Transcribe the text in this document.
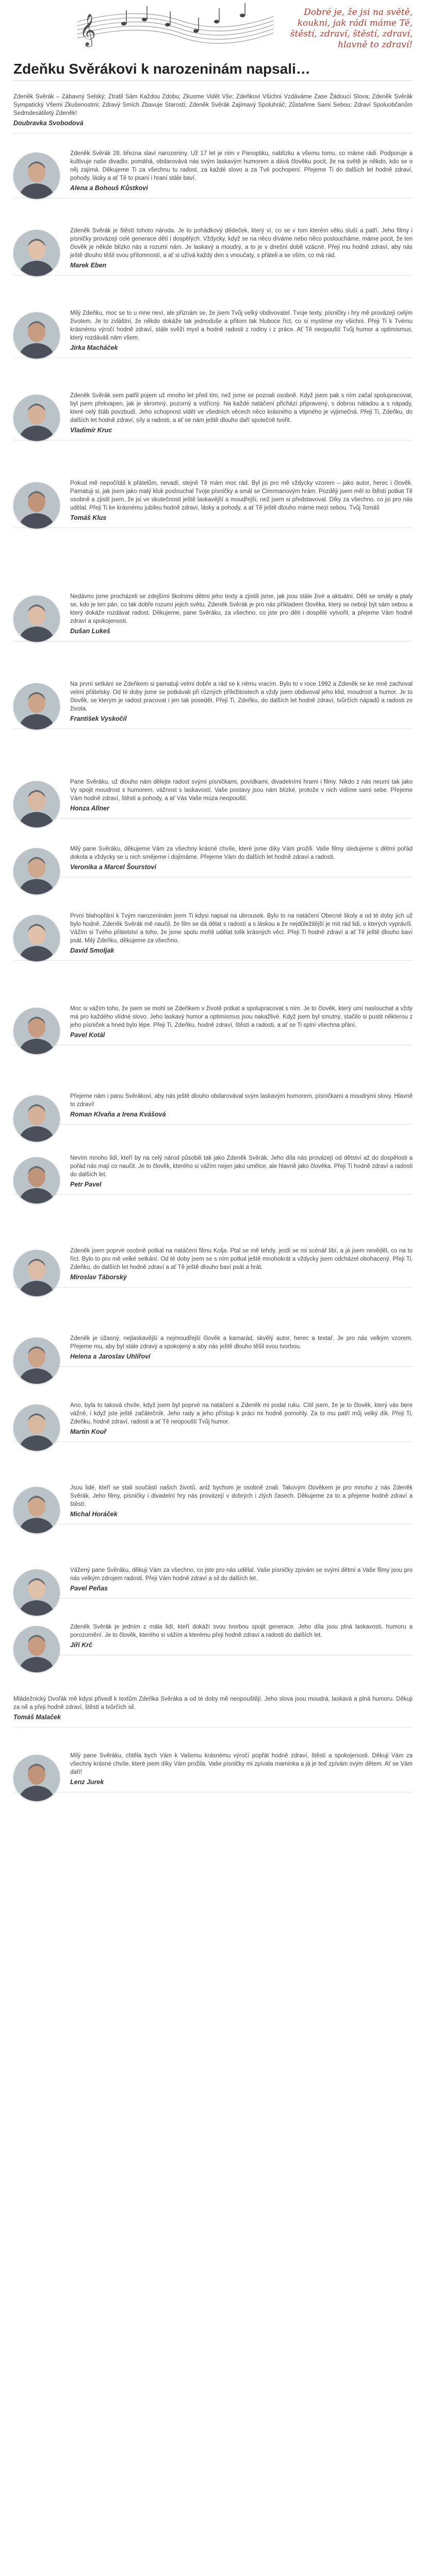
𝄞
Dobré je, že jsi na světě,
koukni, jak rádi máme Tě,
štěstí, zdraví, štěstí, zdraví,
hlavně to zdraví!
Zdeňku Svěrákovi k narozeninám napsali…
Zdeněk Svěrák – Zábavný Selský; Ztratil Sám Každou Zdobu; Zkusme Vidět Vše; Zdeňkovi Všichni Vzdáváme Zase Žádoucí Slova; Zdeněk Svěrák Sympatický Všemi Zkušenostmi; Zdravý Smích Zbavuje Starostí; Zdeněk Svěrák Zajímavý Spoluhráč; Zůstaňme Sami Sebou; Zdraví Spoluobčanům Sedmdesátiletý Zdeněk!
Doubravka Svobodová
Zdeněk Svěrák 28. března slaví narozeniny. Už 17 let je ním v Panoptiku, nablízku a všemu tomu, co máme rádi. Podporuje a kultivuje naše divadlo, pomáhá, obdarovává nás svým laskavým humorem a dává člověku pocit, že na světě je někdo, kdo se o něj zajímá. Děkujeme Ti za všechnu tu radost, za každé slovo a za Tvé pochopení. Přejeme Ti do dalších let hodně zdraví, pohody, lásky a ať Tě to psaní i hraní stále baví.
Alena a Bohouš Kůstkovi
Zdeněk Svěrák je štěstí tohoto národa. Je to pohádkový dědeček, který ví, co se v tom kterém věku sluší a patří. Jeho filmy i písničky provázejí celé generace dětí i dospělých. Vždycky, když se na něco díváme nebo něco posloucháme, máme pocit, že ten člověk je někde blízko nás a rozumí nám. Je laskavý a moudrý, a to je v dnešní době vzácné. Přeji mu hodně zdraví, aby nás ještě dlouho těšil svou přítomností, a ať si užívá každý den s vnoučaty, s přáteli a se vším, co má rád.
Marek Eben
Milý Zdeňku, moc se to u mne neví, ale přiznám se, že jsem Tvůj velký obdivovatel. Tvoje texty, písničky i hry mě provázejí celým životem. Je to zvláštní, že někdo dokáže tak jednoduše a přitom tak hluboce říct, co si myslíme my všichni. Přeji Ti k Tvému krásnému výročí hodně zdraví, stále svěží mysl a hodně radosti z rodiny i z práce. Ať Tě neopouští Tvůj humor a optimismus, který rozdáváš nám všem.
Jirka Macháček
Zdeněk Svěrák sem patřil pojem už mnoho let před tím, než jsme se poznali osobně. Když jsem pak s ním začal spolupracovat, byl jsem překvapen, jak je skromný, pozorný a vstřícný. Na každé natáčení přichází připravený, s dobrou náladou a s nápady, které celý štáb povzbudí. Jeho schopnost vidět ve všedních věcech něco krásného a vtipného je výjimečná. Přeji Ti, Zdeňku, do dalších let hodně zdraví, síly a radosti, a ať se nám ještě dlouho daří společně tvořit.
Vladimír Kruc
Pokud mě nepočítáš k přátelům, nevadí, stejně Tě mám moc rád. Byl jsi pro mě vždycky vzorem – jako autor, herec i člověk. Pamatuji si, jak jsem jako malý kluk poslouchal Tvoje písničky a smál se Cimrmanovým hrám. Později jsem měl to štěstí potkat Tě osobně a zjistil jsem, že jsi ve skutečnosti ještě laskavější a moudřejší, než jsem si představoval. Díky za všechno, co jsi pro nás udělal. Přeji Ti ke krásnému jubileu hodně zdraví, lásky a pohody, a ať Tě ještě dlouho máme mezi sebou. Tvůj Tomáš
Tomáš Klus
Nedávno jsme procházeli se zdejšími školními dětmi jeho texty a zjistili jsme, jak jsou stále živé a aktuální. Děti se smály a ptaly se, kdo je ten pán, co tak dobře rozumí jejich světu. Zdeněk Svěrák je pro nás příkladem člověka, který se nebojí být sám sebou a který dokáže rozdávat radost. Děkujeme, pane Svěráku, za všechno, co jste pro děti i dospělé vytvořil, a přejeme Vám hodně zdraví a spokojenosti.
Dušan Lukeš
Na první setkání se Zdeňkem si pamatuji velmi dobře a rád se k němu vracím. Bylo to v roce 1992 a Zdeněk se ke mně zachoval velmi přátelsky. Od té doby jsme se potkávali při různých příležitostech a vždy jsem obdivoval jeho klid, moudrost a humor. Je to člověk, se kterým je radost pracovat i jen tak posedět. Přeji Ti, Zdeňku, do dalších let hodně zdraví, tvůrčích nápadů a radosti ze života.
František Vyskočil
Pane Svěráku, už dlouho nám dělejte radost svými písničkami, povídkami, divadelními hrami i filmy. Nikdo z nás neumí tak jako Vy spojit moudrost s humorem, vážnost s laskavostí. Vaše postavy jsou nám blízké, protože v nich vidíme sami sebe. Přejeme Vám hodně zdraví, štěstí a pohody, a ať Vás Vaše múza neopouští.
Honza Allner
Milý pane Svěráku, děkujeme Vám za všechny krásné chvíle, které jsme díky Vám prožili. Vaše filmy sledujeme s dětmi pořád dokola a vždycky se u nich smějeme i dojímáme. Přejeme Vám do dalších let hodně zdraví a radosti.
Veronika a Marcel Šourstovi
První blahopřání k Tvým narozeninám jsem Ti kdysi napsal na ubrousek. Bylo to na natáčení Obecné školy a od té doby jich už bylo hodně. Zdeněk Svěrák mě naučil, že film se dá dělat s radostí a s láskou a že nejdůležitější je mít rád lidi, o kterých vyprávíš. Vážím si Tvého přátelství a toho, že jsme spolu mohli udělat tolik krásných věcí. Přeji Ti hodně zdraví a ať Tě ještě dlouho baví psát. Milý Zdeňku, děkujeme za všechno.
David Smoljak
Moc si vážím toho, že jsem se mohl se Zdeňkem v životě potkat a spolupracovat s ním. Je to člověk, který umí naslouchat a vždy má pro každého vlídné slovo. Jeho laskavý humor a optimismus jsou nakažlivé. Když jsem byl smutný, stačilo si pustit některou z jeho písniček a hned bylo lépe. Přeji Ti, Zdeňku, hodně zdraví, štěstí a radosti, a ať se Ti splní všechna přání.
Pavel Kotál
Přejeme nám i panu Svěrákovi, aby nás ještě dlouho obdarovával svým laskavým humorem, písničkami a moudrými slovy. Hlavně to zdraví!
Roman Klvaňa a Irena Kvášová
Nevím mnoho lidí, kteří by na celý národ působili tak jako Zdeněk Svěrák. Jeho díla nás provázejí od dětství až do dospělosti a pořád nás mají co naučit. Je to člověk, kterého si vážím nejen jako umělce, ale hlavně jako člověka. Přeji Ti hodně zdraví a radosti do dalších let.
Petr Pavel
Zdeněk jsem poprvé osobně potkal na natáčení filmu Kolja. Ptal se mě tehdy, jestli se mi scénář líbí, a já jsem nevěděl, co na to říct. Bylo to pro mě velké setkání. Od té doby jsem se s ním potkal ještě mnohokrát a vždycky jsem odcházel obohacený. Přeji Ti, Zdeňku, do dalších let hodně zdraví a ať Tě ještě dlouho baví psát a hrát.
Miroslav Táborský
Zdeněk je úžasný, nejlaskavější a nejmoudřejší člověk a kamarád, skvělý autor, herec a textař. Je pro nás velkým vzorem. Přejeme mu, aby byl stále zdravý a spokojený a aby nás ještě dlouho těšil svou tvorbou.
Helena a Jaroslav Uhlířovi
Ano, byla to taková chvíle, když jsem byl poprvé na natáčení a Zdeněk mi podal ruku. Cítil jsem, že je to člověk, který vás bere vážně, i když jste ještě začátečník. Jeho rady a jeho přístup k práci mi hodně pomohly. Za to mu patří můj velký dík. Přeji Ti, Zdeňku, hodně zdraví, radosti a ať Tě neopouští Tvůj humor.
Martin Kouř
Jsou lidé, kteří se stali součástí našich životů, aniž bychom je osobně znali. Takovým člověkem je pro mnoho z nás Zdeněk Svěrák. Jeho filmy, písničky i divadelní hry nás provázejí v dobrých i zlých časech. Děkujeme za to a přejeme hodně zdraví a štěstí.
Michal Horáček
Vážený pane Svěráku, děkuji Vám za všechno, co jste pro nás udělal. Vaše písničky zpívám se svými dětmi a Vaše filmy jsou pro nás velkým zdrojem radosti. Přeji Vám hodně zdraví a sil do dalších let.
Pavel Peňas
Zdeněk Svěrák je jedním z mála lidí, kteří dokáží svou tvorbou spojit generace. Jeho díla jsou plná laskavosti, humoru a porozumění. Je to člověk, kterého si vážím a kterému přeji hodně zdraví a radosti do dalších let.
Jiří Krč
Mládežnický Dvořák mě kdysi přivedl k textům Zdeňka Svěráka a od té doby mě neopouštějí. Jeho slova jsou moudrá, laskavá a plná humoru. Děkuji za ně a přeji hodně zdraví, štěstí a tvůrčích sil.
Tomáš Malaček
Milý pane Svěráku, chtěla bych Vám k Vašemu krásnému výročí popřát hodně zdraví, štěstí a spokojenosti. Děkuji Vám za všechny krásné chvíle, které jsem díky Vám prožila. Vaše písničky mi zpívala maminka a já je teď zpívám svým dětem. Ať se Vám daří!
Lenz Jurek
